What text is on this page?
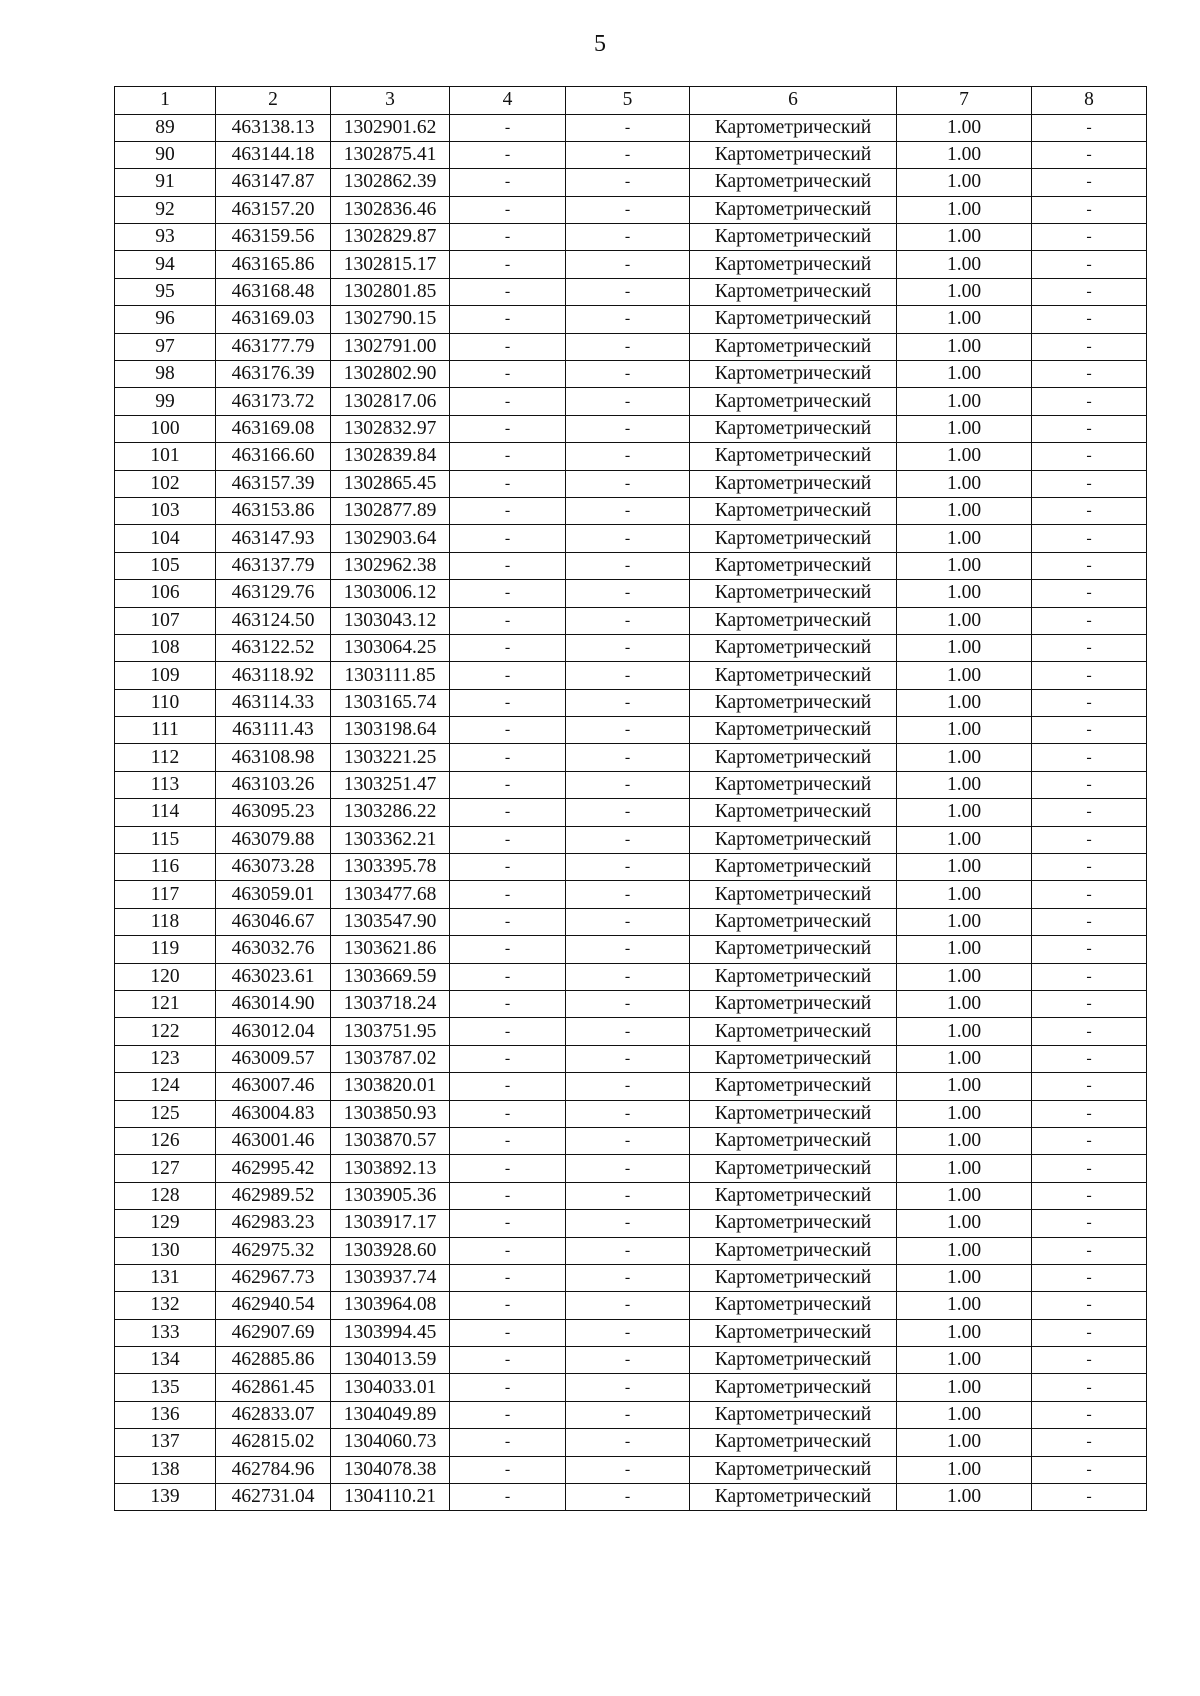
5
1	2	3	4	5	6	7	8
89	463138.13	1302901.62	-	-	Картометрический	1.00	-
90	463144.18	1302875.41	-	-	Картометрический	1.00	-
91	463147.87	1302862.39	-	-	Картометрический	1.00	-
92	463157.20	1302836.46	-	-	Картометрический	1.00	-
93	463159.56	1302829.87	-	-	Картометрический	1.00	-
94	463165.86	1302815.17	-	-	Картометрический	1.00	-
95	463168.48	1302801.85	-	-	Картометрический	1.00	-
96	463169.03	1302790.15	-	-	Картометрический	1.00	-
97	463177.79	1302791.00	-	-	Картометрический	1.00	-
98	463176.39	1302802.90	-	-	Картометрический	1.00	-
99	463173.72	1302817.06	-	-	Картометрический	1.00	-
100	463169.08	1302832.97	-	-	Картометрический	1.00	-
101	463166.60	1302839.84	-	-	Картометрический	1.00	-
102	463157.39	1302865.45	-	-	Картометрический	1.00	-
103	463153.86	1302877.89	-	-	Картометрический	1.00	-
104	463147.93	1302903.64	-	-	Картометрический	1.00	-
105	463137.79	1302962.38	-	-	Картометрический	1.00	-
106	463129.76	1303006.12	-	-	Картометрический	1.00	-
107	463124.50	1303043.12	-	-	Картометрический	1.00	-
108	463122.52	1303064.25	-	-	Картометрический	1.00	-
109	463118.92	1303111.85	-	-	Картометрический	1.00	-
110	463114.33	1303165.74	-	-	Картометрический	1.00	-
111	463111.43	1303198.64	-	-	Картометрический	1.00	-
112	463108.98	1303221.25	-	-	Картометрический	1.00	-
113	463103.26	1303251.47	-	-	Картометрический	1.00	-
114	463095.23	1303286.22	-	-	Картометрический	1.00	-
115	463079.88	1303362.21	-	-	Картометрический	1.00	-
116	463073.28	1303395.78	-	-	Картометрический	1.00	-
117	463059.01	1303477.68	-	-	Картометрический	1.00	-
118	463046.67	1303547.90	-	-	Картометрический	1.00	-
119	463032.76	1303621.86	-	-	Картометрический	1.00	-
120	463023.61	1303669.59	-	-	Картометрический	1.00	-
121	463014.90	1303718.24	-	-	Картометрический	1.00	-
122	463012.04	1303751.95	-	-	Картометрический	1.00	-
123	463009.57	1303787.02	-	-	Картометрический	1.00	-
124	463007.46	1303820.01	-	-	Картометрический	1.00	-
125	463004.83	1303850.93	-	-	Картометрический	1.00	-
126	463001.46	1303870.57	-	-	Картометрический	1.00	-
127	462995.42	1303892.13	-	-	Картометрический	1.00	-
128	462989.52	1303905.36	-	-	Картометрический	1.00	-
129	462983.23	1303917.17	-	-	Картометрический	1.00	-
130	462975.32	1303928.60	-	-	Картометрический	1.00	-
131	462967.73	1303937.74	-	-	Картометрический	1.00	-
132	462940.54	1303964.08	-	-	Картометрический	1.00	-
133	462907.69	1303994.45	-	-	Картометрический	1.00	-
134	462885.86	1304013.59	-	-	Картометрический	1.00	-
135	462861.45	1304033.01	-	-	Картометрический	1.00	-
136	462833.07	1304049.89	-	-	Картометрический	1.00	-
137	462815.02	1304060.73	-	-	Картометрический	1.00	-
138	462784.96	1304078.38	-	-	Картометрический	1.00	-
139	462731.04	1304110.21	-	-	Картометрический	1.00	-
